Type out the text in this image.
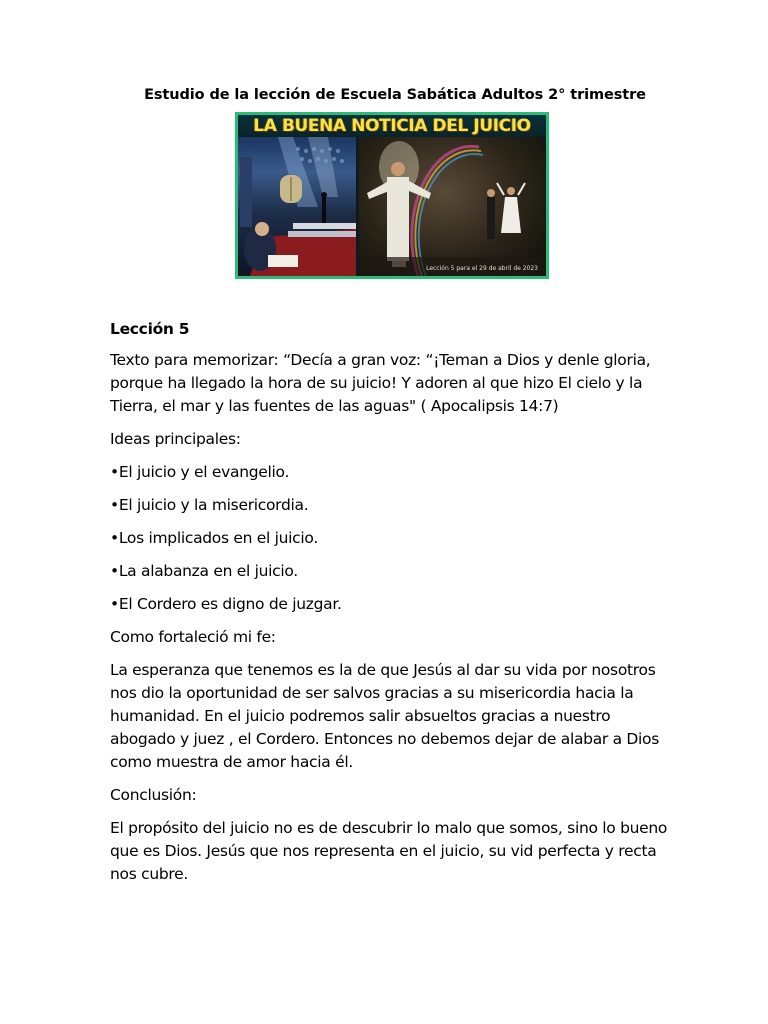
Estudio de la lección de Escuela Sabática Adultos 2° trimestre
LA BUENA NOTICIA DEL JUICIO
Lección 5 para el 29 de abril de 2023

Lección 5

Texto para memorizar: “Decía a gran voz: “¡Teman a Dios y denle gloria, porque ha llegado la hora de su juicio! Y adoren al que hizo El cielo y la Tierra, el mar y las fuentes de las aguas" ( Apocalipsis 14:7)

Ideas principales:

•El juicio y el evangelio.

•El juicio y la misericordia.

•Los implicados en el juicio.

•La alabanza en el juicio.

•El Cordero es digno de juzgar.

Como fortaleció mi fe:

La esperanza que tenemos es la de que Jesús al dar su vida por nosotros nos dio la oportunidad de ser salvos gracias a su misericordia hacia la humanidad. En el juicio podremos salir absueltos gracias a nuestro abogado y juez , el Cordero. Entonces no debemos dejar de alabar a Dios como muestra de amor hacia él.

Conclusión:

El propósito del juicio no es de descubrir lo malo que somos, sino lo bueno que es Dios. Jesús que nos representa en el juicio, su vid perfecta y recta nos cubre.
